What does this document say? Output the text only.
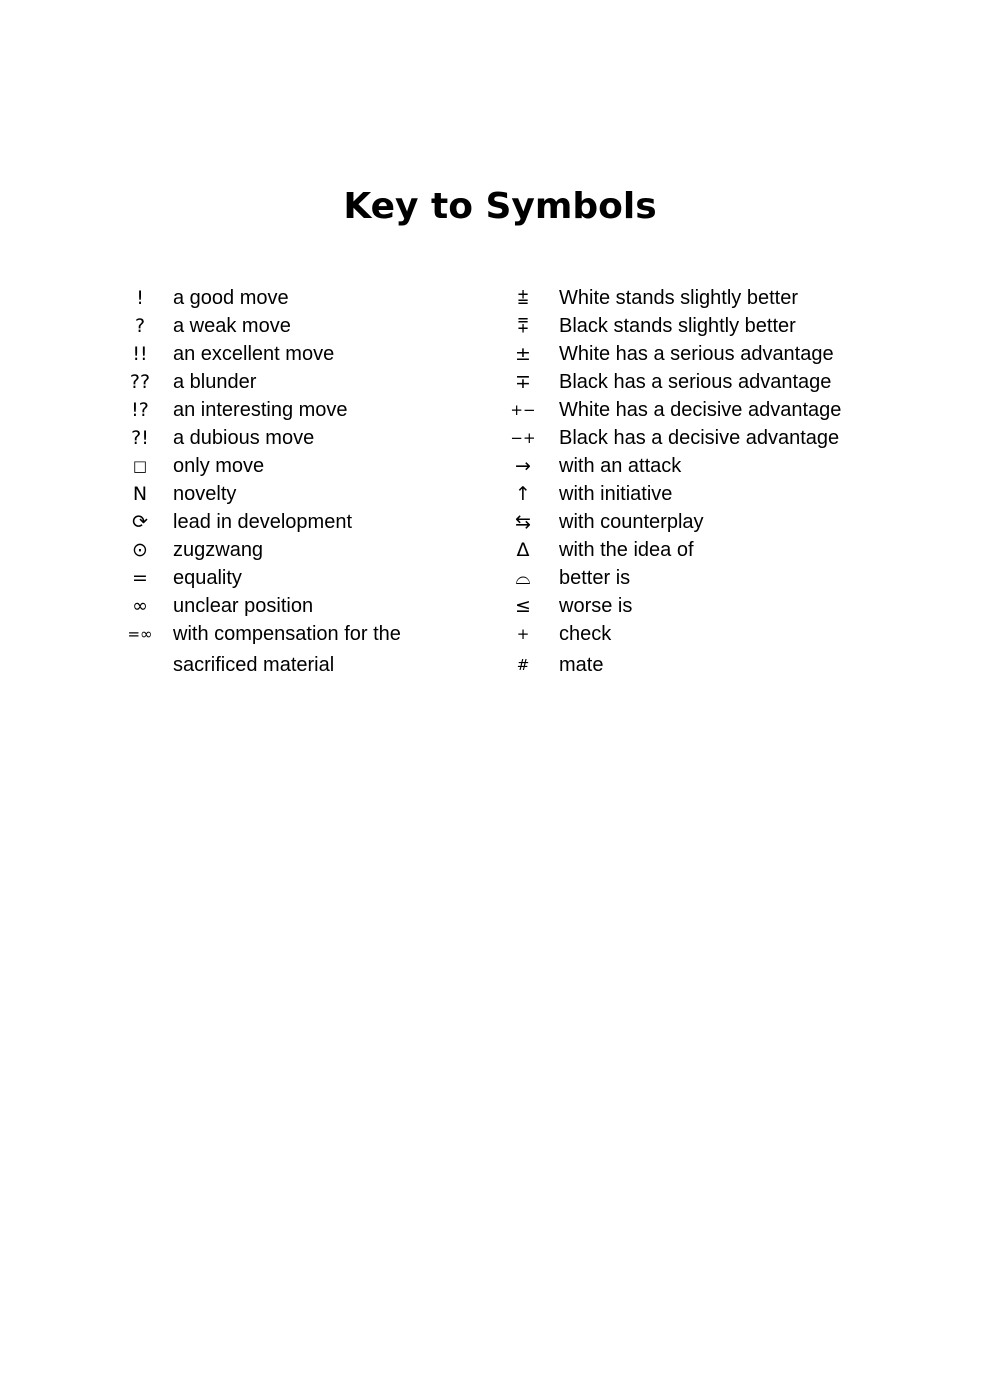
Key to Symbols
!	a good move
?	a weak move
!!	an excellent move
??	a blunder
!?	an interesting move
?!	a dubious move
□	only move
N	novelty
⟳	lead in development
⊙	zugzwang
=	equality
∞	unclear position
=∞	with compensation for the
sacrificed material
⩲	White stands slightly better
⩱	Black stands slightly better
±	White has a serious advantage
∓	Black has a serious advantage
+− White has a decisive advantage
−+ Black has a decisive advantage
→	with an attack
↑	with initiative
⇆	with counterplay
Δ	with the idea of
⌓	better is
≤	worse is
+	check
#	mate
